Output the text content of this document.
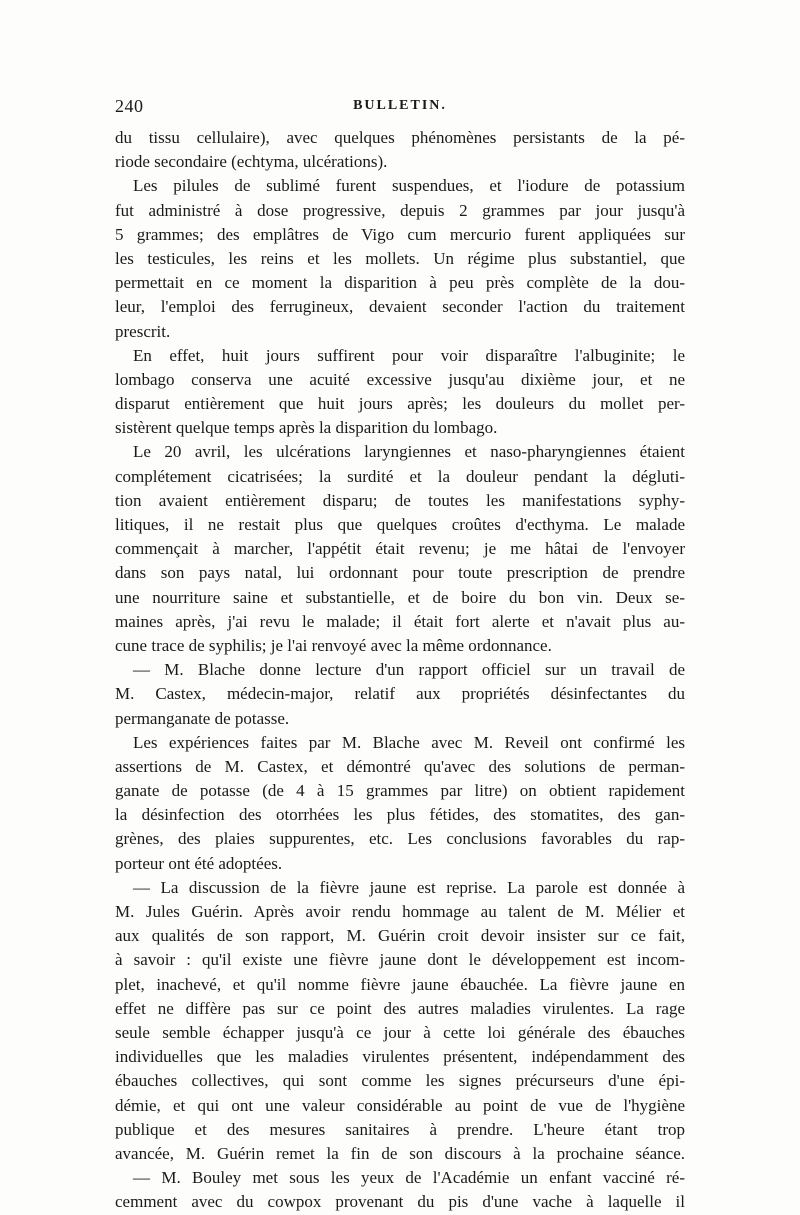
240	BULLETIN.
du tissu cellulaire), avec quelques phénomènes persistants de la pé-
riode secondaire (echtyma, ulcérations).
Les pilules de sublimé furent suspendues, et l'iodure de potassium
fut administré à dose progressive, depuis 2 grammes par jour jusqu'à
5 grammes; des emplâtres de Vigo cum mercurio furent appliquées sur
les testicules, les reins et les mollets. Un régime plus substantiel, que
permettait en ce moment la disparition à peu près complète de la dou-
leur, l'emploi des ferrugineux, devaient seconder l'action du traitement
prescrit.
En effet, huit jours suffirent pour voir disparaître l'albuginite; le
lombago conserva une acuité excessive jusqu'au dixième jour, et ne
disparut entièrement que huit jours après; les douleurs du mollet per-
sistèrent quelque temps après la disparition du lombago.
Le 20 avril, les ulcérations laryngiennes et naso-pharyngiennes étaient
complétement cicatrisées; la surdité et la douleur pendant la dégluti-
tion avaient entièrement disparu; de toutes les manifestations syphy-
litiques, il ne restait plus que quelques croûtes d'ecthyma. Le malade
commençait à marcher, l'appétit était revenu; je me hâtai de l'envoyer
dans son pays natal, lui ordonnant pour toute prescription de prendre
une nourriture saine et substantielle, et de boire du bon vin. Deux se-
maines après, j'ai revu le malade; il était fort alerte et n'avait plus au-
cune trace de syphilis; je l'ai renvoyé avec la même ordonnance.
— M. Blache donne lecture d'un rapport officiel sur un travail de
M. Castex, médecin-major, relatif aux propriétés désinfectantes du
permanganate de potasse.
Les expériences faites par M. Blache avec M. Reveil ont confirmé les
assertions de M. Castex, et démontré qu'avec des solutions de perman-
ganate de potasse (de 4 à 15 grammes par litre) on obtient rapidement
la désinfection des otorrhées les plus fétides, des stomatites, des gan-
grènes, des plaies suppurentes, etc. Les conclusions favorables du rap-
porteur ont été adoptées.
— La discussion de la fièvre jaune est reprise. La parole est donnée à
M. Jules Guérin. Après avoir rendu hommage au talent de M. Mélier et
aux qualités de son rapport, M. Guérin croit devoir insister sur ce fait,
à savoir : qu'il existe une fièvre jaune dont le développement est incom-
plet, inachevé, et qu'il nomme fièvre jaune ébauchée. La fièvre jaune en
effet ne diffère pas sur ce point des autres maladies virulentes. La rage
seule semble échapper jusqu'à ce jour à cette loi générale des ébauches
individuelles que les maladies virulentes présentent, indépendamment des
ébauches collectives, qui sont comme les signes précurseurs d'une épi-
démie, et qui ont une valeur considérable au point de vue de l'hygiène
publique et des mesures sanitaires à prendre. L'heure étant trop
avancée, M. Guérin remet la fin de son discours à la prochaine séance.
— M. Bouley met sous les yeux de l'Académie un enfant vacciné ré-
cemment avec du cowpox provenant du pis d'une vache à laquelle il
